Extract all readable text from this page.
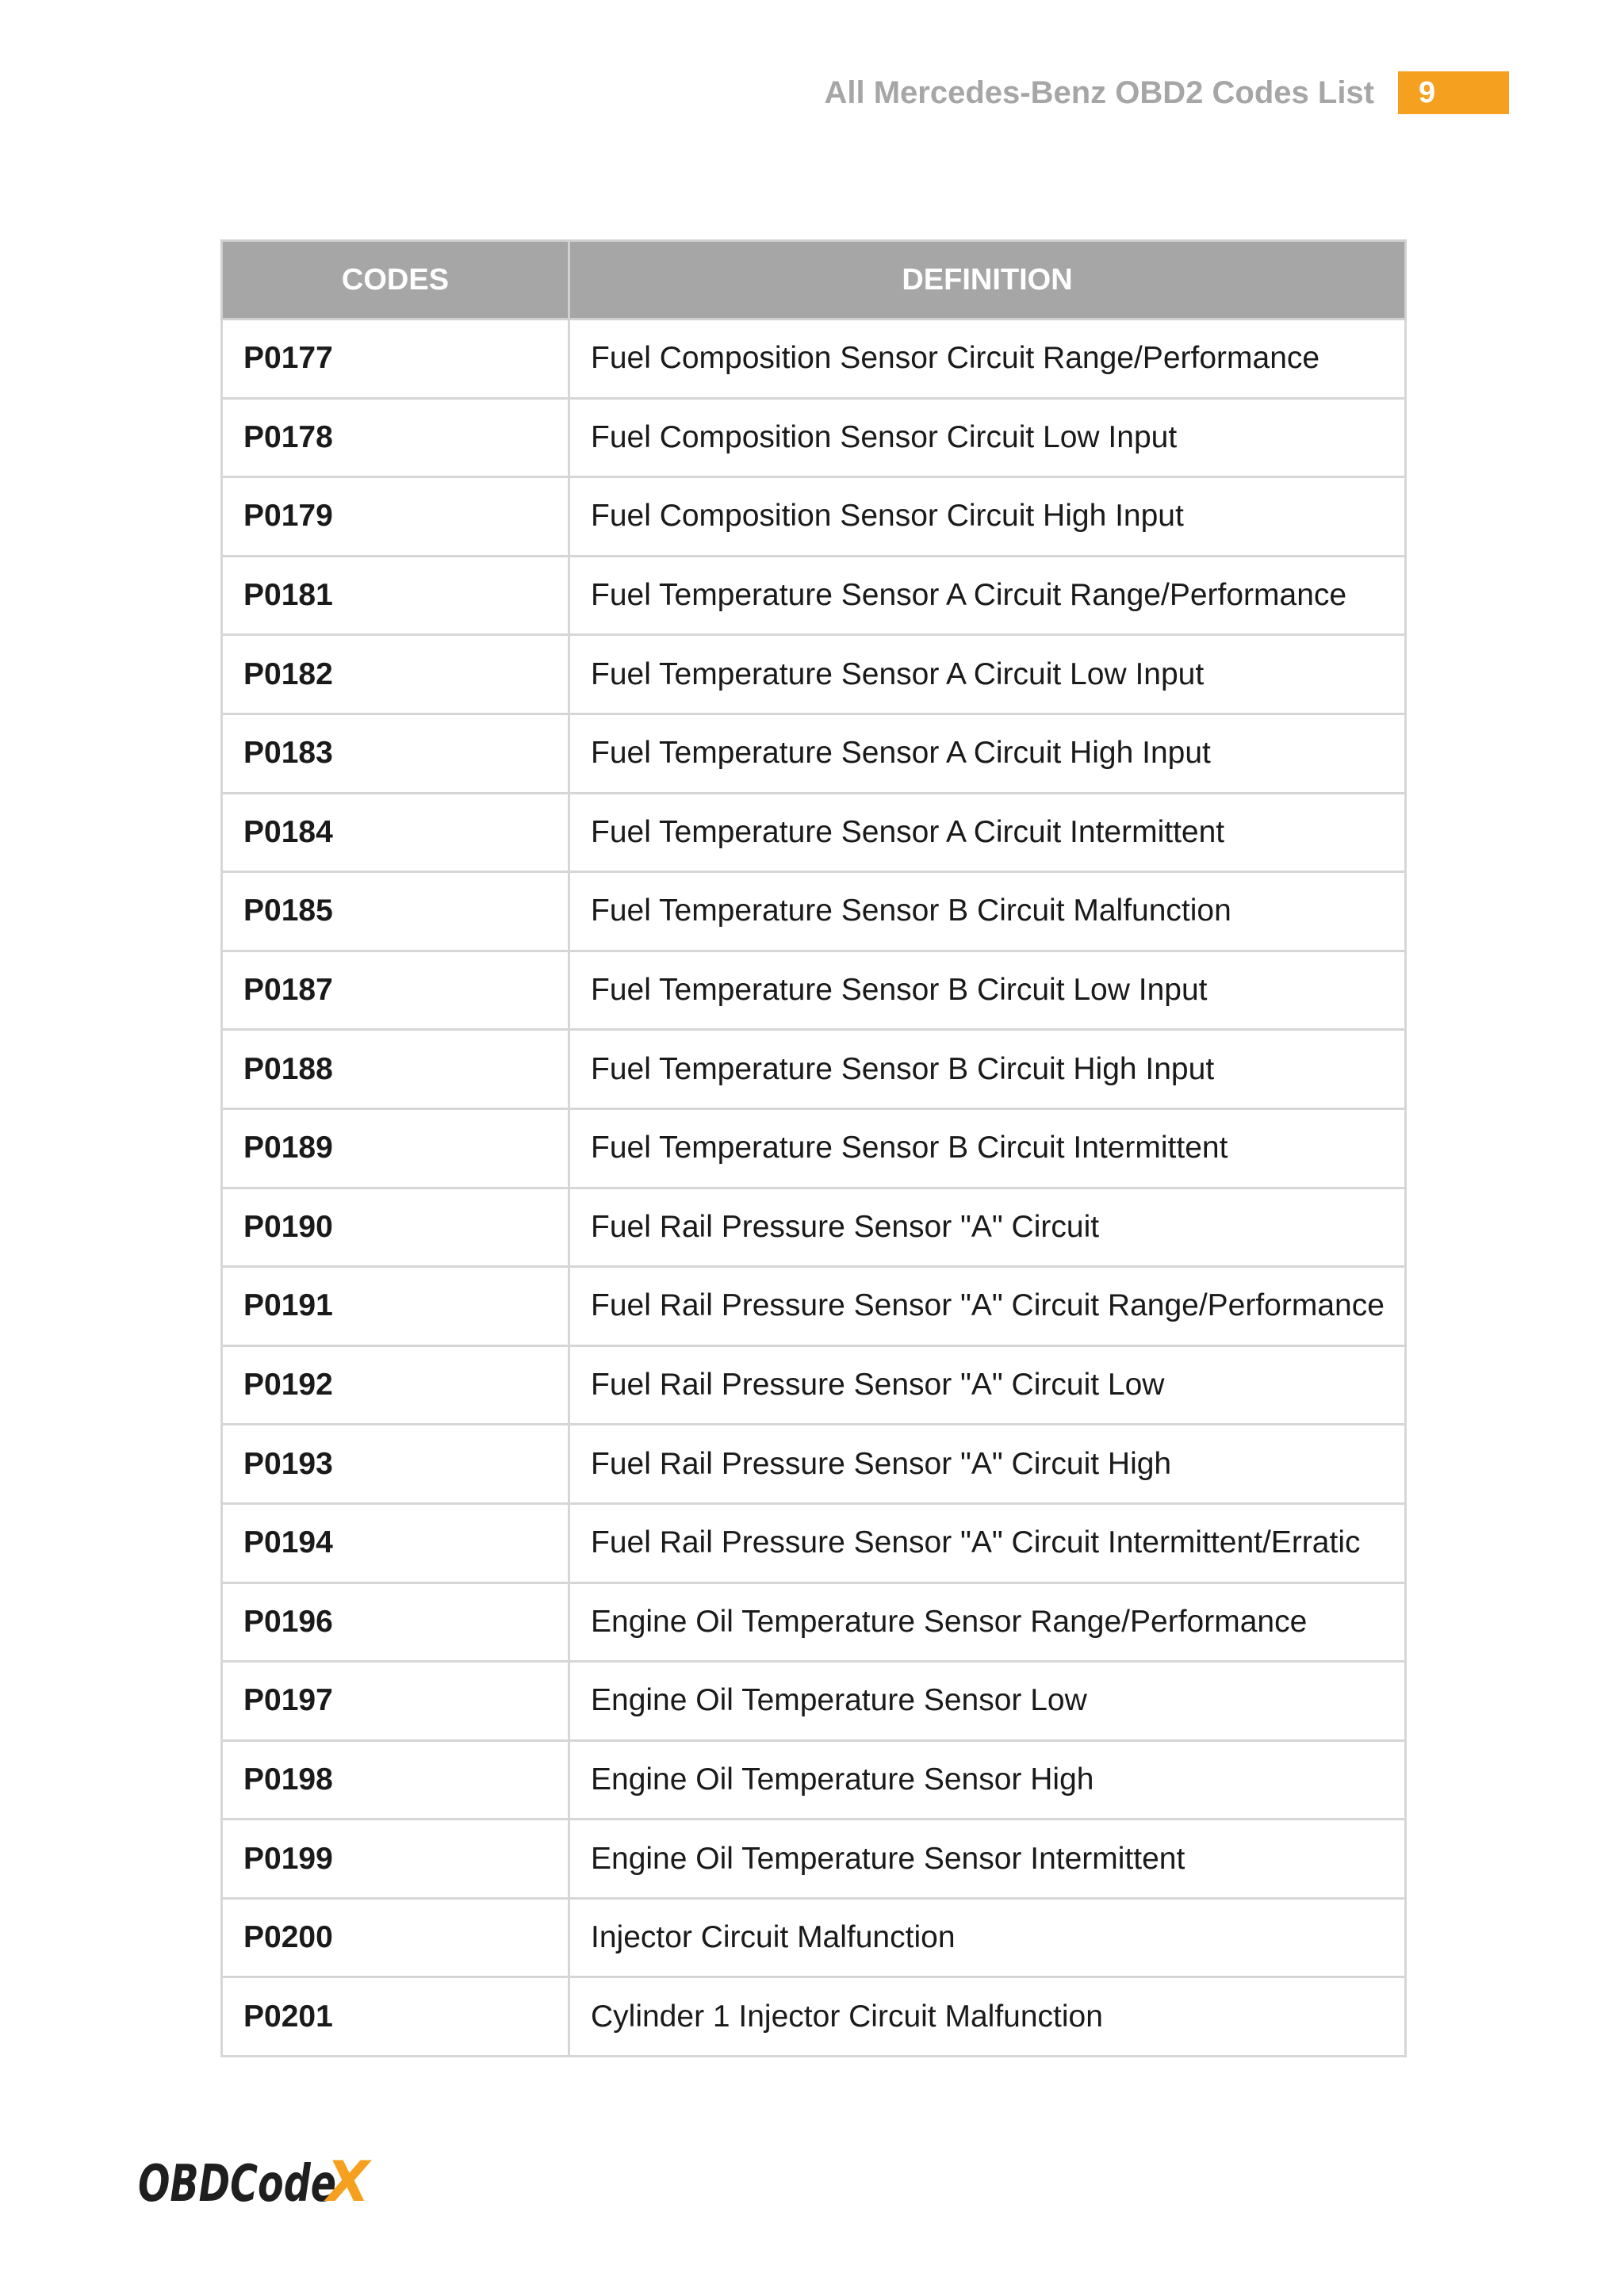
All Mercedes-Benz OBD2 Codes List	9
CODES	DEFINITION
P0177	Fuel Composition Sensor Circuit Range/Performance
P0178	Fuel Composition Sensor Circuit Low Input
P0179	Fuel Composition Sensor Circuit High Input
P0181	Fuel Temperature Sensor A Circuit Range/Performance
P0182	Fuel Temperature Sensor A Circuit Low Input
P0183	Fuel Temperature Sensor A Circuit High Input
P0184	Fuel Temperature Sensor A Circuit Intermittent
P0185	Fuel Temperature Sensor B Circuit Malfunction
P0187	Fuel Temperature Sensor B Circuit Low Input
P0188	Fuel Temperature Sensor B Circuit High Input
P0189	Fuel Temperature Sensor B Circuit Intermittent
P0190	Fuel Rail Pressure Sensor "A" Circuit
P0191	Fuel Rail Pressure Sensor "A" Circuit Range/Performance
P0192	Fuel Rail Pressure Sensor "A" Circuit Low
P0193	Fuel Rail Pressure Sensor "A" Circuit High
P0194	Fuel Rail Pressure Sensor "A" Circuit Intermittent/Erratic
P0196	Engine Oil Temperature Sensor Range/Performance
P0197	Engine Oil Temperature Sensor Low
P0198	Engine Oil Temperature Sensor High
P0199	Engine Oil Temperature Sensor Intermittent
P0200	Injector Circuit Malfunction
P0201	Cylinder 1 Injector Circuit Malfunction
OBDCode
X
